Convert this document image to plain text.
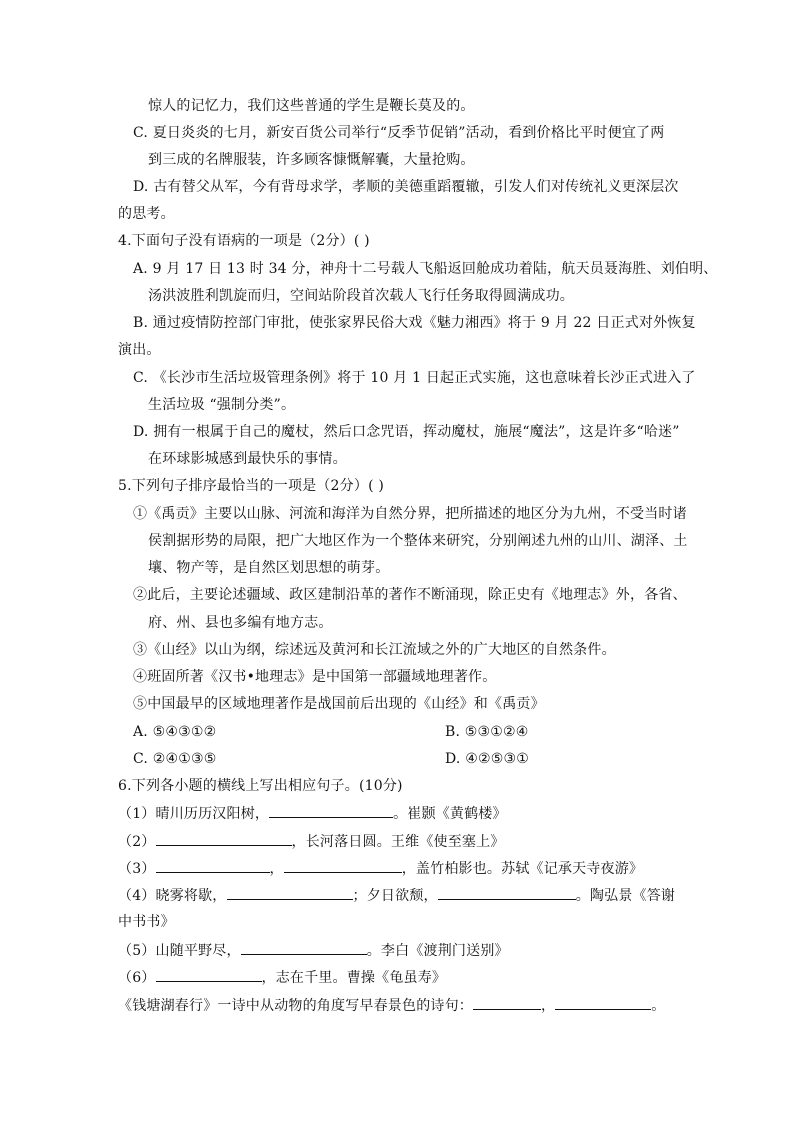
惊人的记忆力，我们这些普通的学生是鞭长莫及的。
C. 夏日炎炎的七月，新安百货公司举行“反季节促销”活动，看到价格比平时便宜了两
到三成的名牌服装，许多顾客慷慨解囊，大量抢购。
D. 古有替父从军，今有背母求学，孝顺的美德重蹈覆辙，引发人们对传统礼义更深层次
的思考。
4.下面句子没有语病的一项是（2分）( )
A. 9 月 17 日 13 时 34 分，神舟十二号载人飞船返回舱成功着陆，航天员聂海胜、刘伯明、
汤洪波胜利凯旋而归，空间站阶段首次载人飞行任务取得圆满成功。
B. 通过疫情防控部门审批，使张家界民俗大戏《魅力湘西》将于 9 月 22 日正式对外恢复
演出。
C. 《长沙市生活垃圾管理条例》将于 10 月 1 日起正式实施，这也意味着长沙正式进入了
生活垃圾 “强制分类”。
D. 拥有一根属于自己的魔杖，然后口念咒语，挥动魔杖，施展“魔法”，这是许多“哈迷”
在环球影城感到最快乐的事情。
5.下列句子排序最恰当的一项是（2分）( )
①《禹贡》主要以山脉、河流和海洋为自然分界，把所描述的地区分为九州，不受当时诸
侯割据形势的局限，把广大地区作为一个整体来研究，分别阐述九州的山川、湖泽、土
壤、物产等，是自然区划思想的萌芽。
②此后，主要论述疆域、政区建制沿革的著作不断涌现，除正史有《地理志》外，各省、
府、州、县也多编有地方志。
③《山经》以山为纲，综述远及黄河和长江流域之外的广大地区的自然条件。
④班固所著《汉书•地理志》是中国第一部疆域地理著作。
⑤中国最早的区域地理著作是战国前后出现的《山经》和《禹贡》
A. ⑤④③①②	B. ⑤③①②④
C. ②④①③⑤	D. ④②⑤③①
6.下列各小题的横线上写出相应句子。(10分)
（1）晴川历历汉阳树，	。崔颢《黄鹤楼》
（2）	，长河落日圆。王维《使至塞上》
（3）	，	，盖竹柏影也。苏轼《记承天寺夜游》
（4）晓雾将歇，	；夕日欲颓，	。陶弘景《答谢
中书书》
（5）山随平野尽，	。李白《渡荆门送别》
（6）	，志在千里。曹操《龟虽寿》
《钱塘湖春行》一诗中从动物的角度写早春景色的诗句：	，	。
